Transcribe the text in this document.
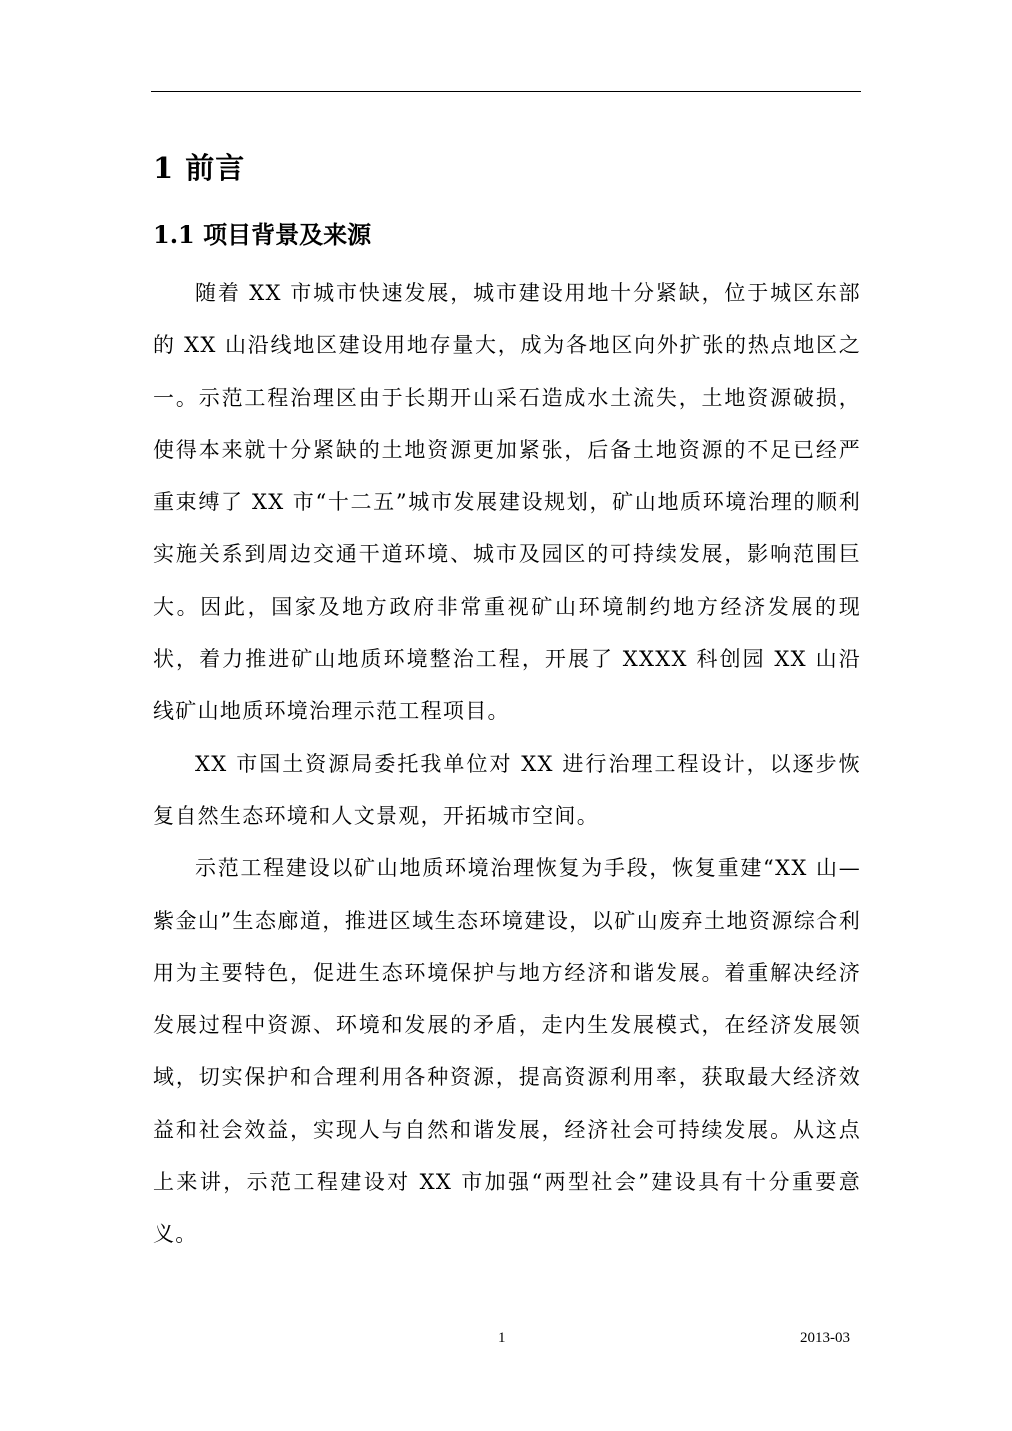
1 前言
1.1 项目背景及来源

随着 XX 市城市快速发展，城市建设用地十分紧缺，位于城区东部的 XX 山沿线地区建设用地存量大，成为各地区向外扩张的热点地区之一。示范工程治理区由于长期开山采石造成水土流失，土地资源破损，使得本来就十分紧缺的土地资源更加紧张，后备土地资源的不足已经严重束缚了 XX 市“十二五”城市发展建设规划，矿山地质环境治理的顺利实施关系到周边交通干道环境、城市及园区的可持续发展，影响范围巨大。因此，国家及地方政府非常重视矿山环境制约地方经济发展的现状，着力推进矿山地质环境整治工程，开展了 XXXX 科创园 XX 山沿线矿山地质环境治理示范工程项目。

XX 市国土资源局委托我单位对 XX 进行治理工程设计，以逐步恢复自然生态环境和人文景观，开拓城市空间。

示范工程建设以矿山地质环境治理恢复为手段，恢复重建“XX 山—紫金山”生态廊道，推进区域生态环境建设，以矿山废弃土地资源综合利用为主要特色，促进生态环境保护与地方经济和谐发展。着重解决经济发展过程中资源、环境和发展的矛盾，走内生发展模式，在经济发展领域，切实保护和合理利用各种资源，提高资源利用率，获取最大经济效益和社会效益，实现人与自然和谐发展，经济社会可持续发展。从这点上来讲，示范工程建设对 XX 市加强“两型社会”建设具有十分重要意义。

1	2013-03
